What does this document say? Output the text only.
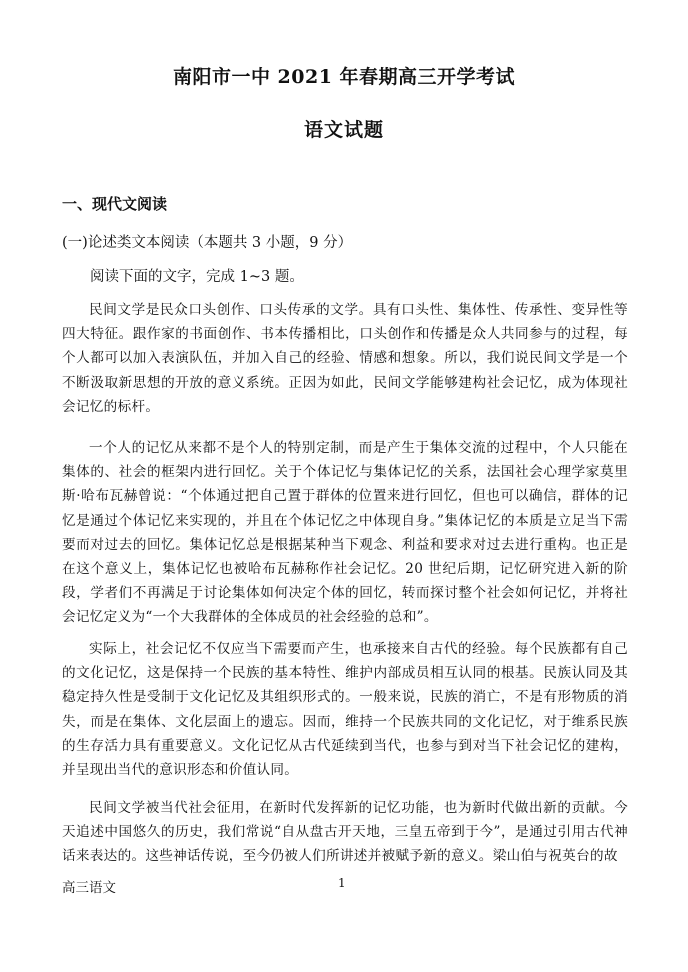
南阳市一中 2021 年春期高三开学考试
语文试题
一、现代文阅读
(一)论述类文本阅读（本题共 3 小题，9 分）
阅读下面的文字，完成 1~3 题。
民间文学是民众口头创作、口头传承的文学。具有口头性、集体性、传承性、变异性等四大特征。跟作家的书面创作、书本传播相比，口头创作和传播是众人共同参与的过程，每个人都可以加入表演队伍，并加入自己的经验、情感和想象。所以，我们说民间文学是一个不断汲取新思想的开放的意义系统。正因为如此，民间文学能够建构社会记忆，成为体现社会记忆的标杆。
一个人的记忆从来都不是个人的特别定制，而是产生于集体交流的过程中，个人只能在集体的、社会的框架内进行回忆。关于个体记忆与集体记忆的关系，法国社会心理学家莫里斯·哈布瓦赫曾说：“个体通过把自己置于群体的位置来进行回忆，但也可以确信，群体的记忆是通过个体记忆来实现的，并且在个体记忆之中体现自身。”集体记忆的本质是立足当下需要而对过去的回忆。集体记忆总是根据某种当下观念、利益和要求对过去进行重构。也正是在这个意义上，集体记忆也被哈布瓦赫称作社会记忆。20 世纪后期，记忆研究进入新的阶段，学者们不再满足于讨论集体如何决定个体的回忆，转而探讨整个社会如何记忆，并将社会记忆定义为“一个大我群体的全体成员的社会经验的总和”。
实际上，社会记忆不仅应当下需要而产生，也承接来自古代的经验。每个民族都有自己的文化记忆，这是保持一个民族的基本特性、维护内部成员相互认同的根基。民族认同及其稳定持久性是受制于文化记忆及其组织形式的。一般来说，民族的消亡，不是有形物质的消失，而是在集体、文化层面上的遗忘。因而，维持一个民族共同的文化记忆，对于维系民族的生存活力具有重要意义。文化记忆从古代延续到当代，也参与到对当下社会记忆的建构，并呈现出当代的意识形态和价值认同。
民间文学被当代社会征用，在新时代发挥新的记忆功能，也为新时代做出新的贡献。今天追述中国悠久的历史，我们常说“自从盘古开天地，三皇五帝到于今”，是通过引用古代神话来表达的。这些神话传说，至今仍被人们所讲述并被赋予新的意义。梁山伯与祝英台的故
高三语文	1
